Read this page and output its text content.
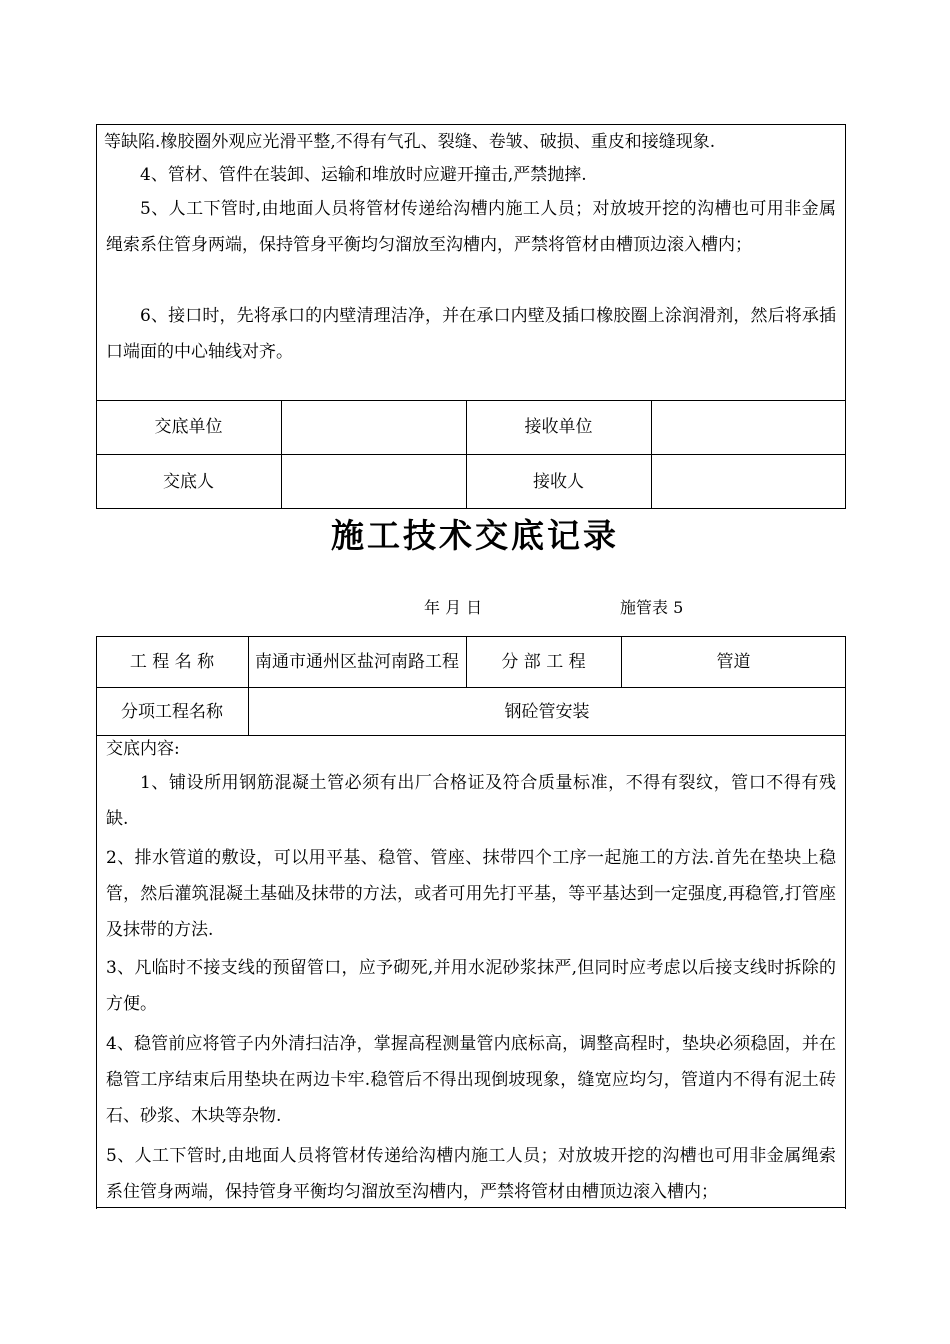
等缺陷.橡胶圈外观应光滑平整,不得有气孔、裂缝、卷皱、破损、重皮和接缝现象.

4、管材、管件在装卸、运输和堆放时应避开撞击,严禁抛摔.

5、人工下管时,由地面人员将管材传递给沟槽内施工人员；对放坡开挖的沟槽也可用非金属绳索系住管身两端，保持管身平衡均匀溜放至沟槽内，严禁将管材由槽顶边滚入槽内；

6、接口时，先将承口的内壁清理洁净，并在承口内壁及插口橡胶圈上涂润滑剂，然后将承插口端面的中心轴线对齐。

交底单位	接收单位
交底人	接收人
施工技术交底记录
年 月 日	施管表 5
工 程 名 称	南通市通州区盐河南路工程	分 部 工 程	管道
分项工程名称	钢砼管安装
交底内容:

1、铺设所用钢筋混凝土管必须有出厂合格证及符合质量标准，不得有裂纹，管口不得有残缺.

2、排水管道的敷设，可以用平基、稳管、管座、抹带四个工序一起施工的方法.首先在垫块上稳管，然后灌筑混凝土基础及抹带的方法，或者可用先打平基，等平基达到一定强度,再稳管,打管座及抹带的方法.

3、凡临时不接支线的预留管口，应予砌死,并用水泥砂浆抹严,但同时应考虑以后接支线时拆除的方便。

4、稳管前应将管子内外清扫洁净，掌握高程测量管内底标高，调整高程时，垫块必须稳固，并在稳管工序结束后用垫块在两边卡牢.稳管后不得出现倒坡现象，缝宽应均匀，管道内不得有泥土砖石、砂浆、木块等杂物.

5、人工下管时,由地面人员将管材传递给沟槽内施工人员；对放坡开挖的沟槽也可用非金属绳索系住管身两端，保持管身平衡均匀溜放至沟槽内，严禁将管材由槽顶边滚入槽内；
